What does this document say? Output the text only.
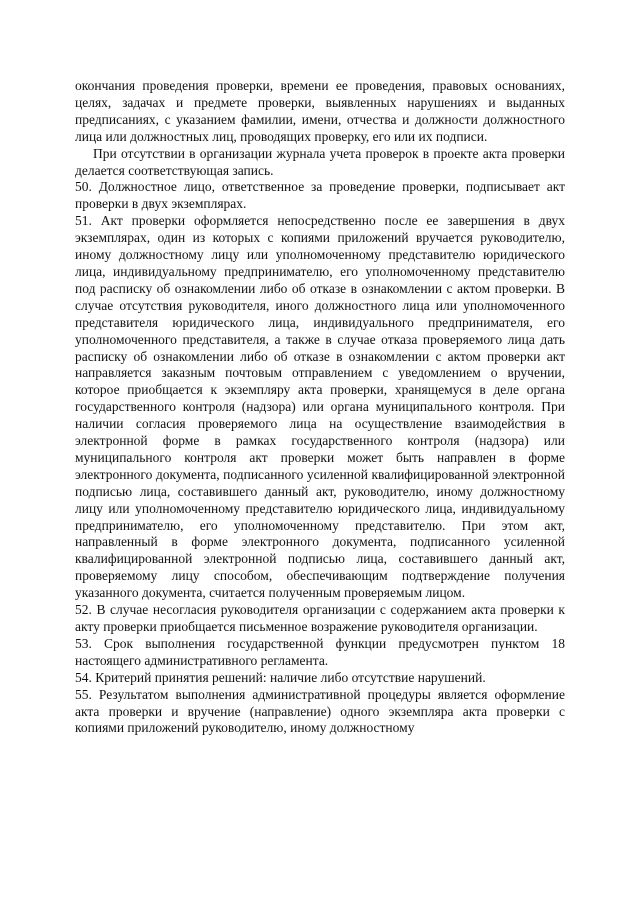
окончания проведения проверки, времени ее проведения, правовых основаниях, целях, задачах и предмете проверки, выявленных нарушениях и выданных предписаниях, с указанием фамилии, имени, отчества и должности должностного лица или должностных лиц, проводящих проверку, его или их подписи.

При отсутствии в организации журнала учета проверок в проекте акта проверки делается соответствующая запись.

50. Должностное лицо, ответственное за проведение проверки, подписывает акт проверки в двух экземплярах.

51. Акт проверки оформляется непосредственно после ее завершения в двух экземплярах, один из которых с копиями приложений вручается руководителю, иному должностному лицу или уполномоченному представителю юридического лица, индивидуальному предпринимателю, его уполномоченному представителю под расписку об ознакомлении либо об отказе в ознакомлении с актом проверки. В случае отсутствия руководителя, иного должностного лица или уполномоченного представителя юридического лица, индивидуального предпринимателя, его уполномоченного представителя, а также в случае отказа проверяемого лица дать расписку об ознакомлении либо об отказе в ознакомлении с актом проверки акт направляется заказным почтовым отправлением с уведомлением о вручении, которое приобщается к экземпляру акта проверки, хранящемуся в деле органа государственного контроля (надзора) или органа муниципального контроля. При наличии согласия проверяемого лица на осуществление взаимодействия в электронной форме в рамках государственного контроля (надзора) или муниципального контроля акт проверки может быть направлен в форме электронного документа, подписанного усиленной квалифицированной электронной подписью лица, составившего данный акт, руководителю, иному должностному лицу или уполномоченному представителю юридического лица, индивидуальному предпринимателю, его уполномоченному представителю. При этом акт, направленный в форме электронного документа, подписанного усиленной квалифицированной электронной подписью лица, составившего данный акт, проверяемому лицу способом, обеспечивающим подтверждение получения указанного документа, считается полученным проверяемым лицом.

52. В случае несогласия руководителя организации с содержанием акта проверки к акту проверки приобщается письменное возражение руководителя организации.

53. Срок выполнения государственной функции предусмотрен пунктом 18 настоящего административного регламента.

54. Критерий принятия решений: наличие либо отсутствие нарушений.

55. Результатом выполнения административной процедуры является оформление акта проверки и вручение (направление) одного экземпляра акта проверки с копиями приложений руководителю, иному должностному
